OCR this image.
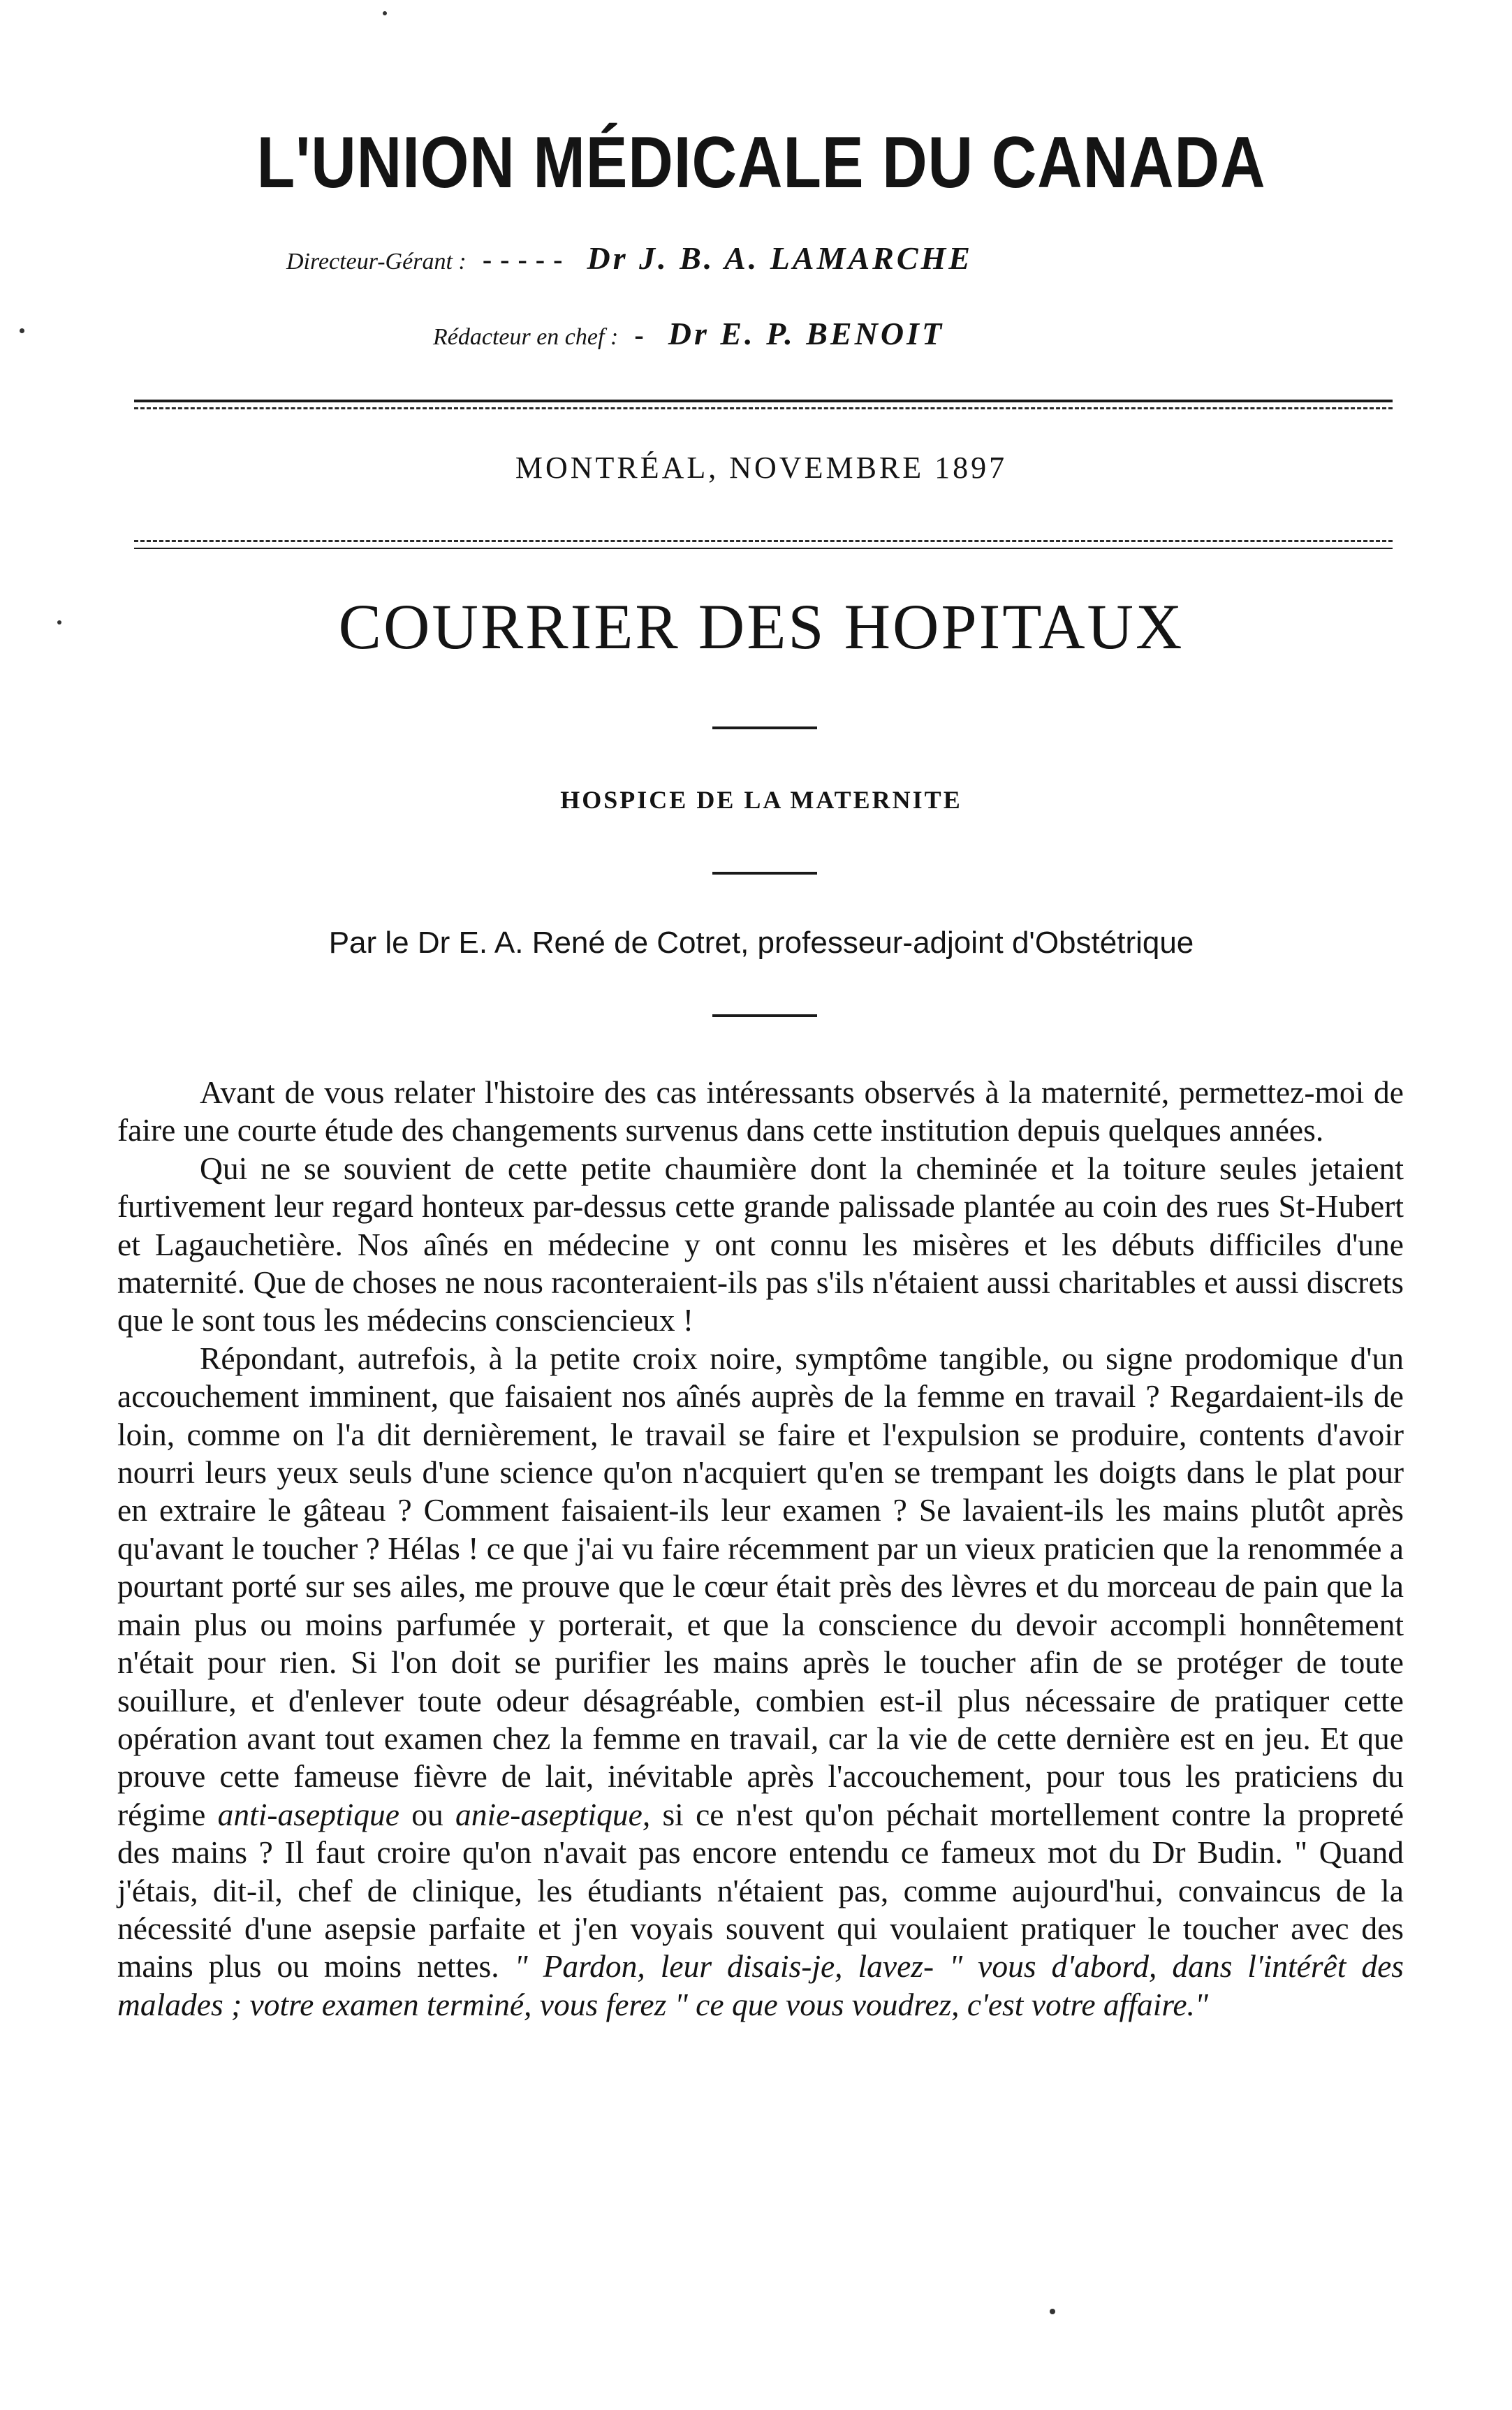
L'UNION MÉDICALE DU CANADA
Directeur-Gérant : ----- Dr J. B. A. LAMARCHE
Rédacteur en chef : - Dr E. P. BENOIT
MONTRÉAL, NOVEMBRE 1897
COURRIER DES HOPITAUX
HOSPICE DE LA MATERNITE
Par le Dr E. A. René de Cotret, professeur-adjoint d'Obstétrique

Avant de vous relater l'histoire des cas intéressants observés à la maternité, permettez-moi de faire une courte étude des changements survenus dans cette institution depuis quelques années.

Qui ne se souvient de cette petite chaumière dont la cheminée et la toiture seules jetaient furtivement leur regard honteux par-dessus cette grande palissade plantée au coin des rues St-Hubert et Lagauchetière. Nos aînés en médecine y ont connu les misères et les débuts difficiles d'une maternité. Que de choses ne nous raconteraient-ils pas s'ils n'étaient aussi charitables et aussi discrets que le sont tous les médecins consciencieux !

Répondant, autrefois, à la petite croix noire, symptôme tangible, ou signe prodomique d'un accouchement imminent, que faisaient nos aînés auprès de la femme en travail ? Regardaient-ils de loin, comme on l'a dit dernièrement, le travail se faire et l'expulsion se produire, contents d'avoir nourri leurs yeux seuls d'une science qu'on n'acquiert qu'en se trempant les doigts dans le plat pour en extraire le gâteau ? Comment faisaient-ils leur examen ? Se lavaient-ils les mains plutôt après qu'avant le toucher ? Hélas ! ce que j'ai vu faire récemment par un vieux praticien que la renommée a pourtant porté sur ses ailes, me prouve que le cœur était près des lèvres et du morceau de pain que la main plus ou moins parfumée y porterait, et que la conscience du devoir accompli honnêtement n'était pour rien. Si l'on doit se purifier les mains après le toucher afin de se protéger de toute souillure, et d'enlever toute odeur désagréable, combien est-il plus nécessaire de pratiquer cette opération avant tout examen chez la femme en travail, car la vie de cette dernière est en jeu. Et que prouve cette fameuse fièvre de lait, inévitable après l'accouchement, pour tous les praticiens du régime anti-aseptique ou anie-aseptique, si ce n'est qu'on péchait mortellement contre la propreté des mains ? Il faut croire qu'on n'avait pas encore entendu ce fameux mot du Dr Budin. " Quand j'étais, dit-il, chef de clinique, les étudiants n'étaient pas, comme aujourd'hui, convaincus de la nécessité d'une asepsie parfaite et j'en voyais souvent qui voulaient pratiquer le toucher avec des mains plus ou moins nettes. " Pardon, leur disais-je, lavez- " vous d'abord, dans l'intérêt des malades ; votre examen terminé, vous ferez " ce que vous voudrez, c'est votre affaire."
